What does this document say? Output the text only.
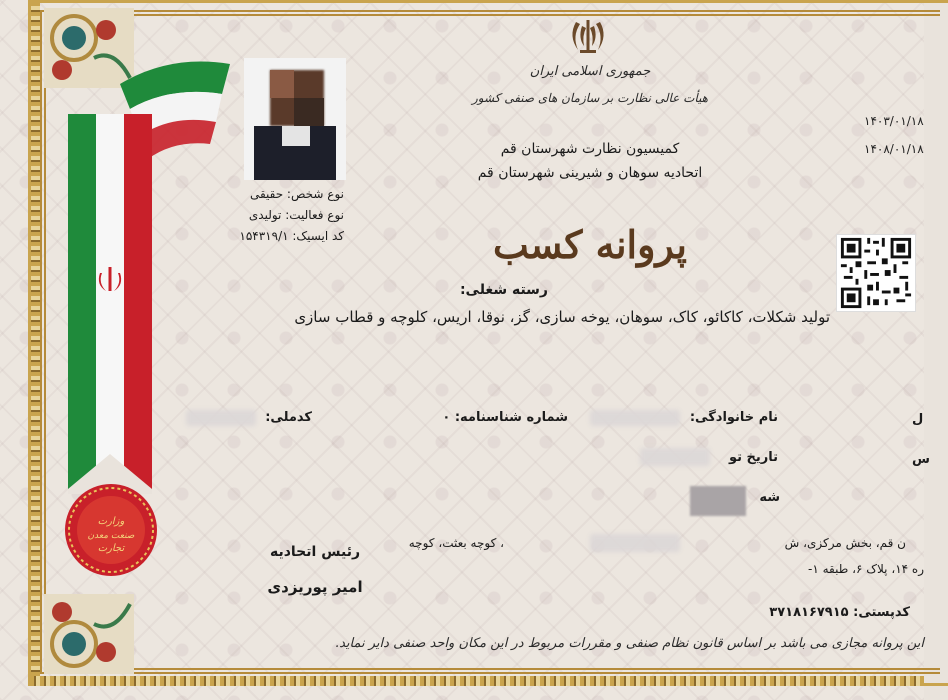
وزارت
صنعت معدن
تجارت
نوع شخص: حقیقی
نوع فعالیت: تولیدی
کد ایسیک: ۱۵۴۳۱۹/۱
جمهوری اسلامی ایران
هیأت عالی نظارت بر سازمان های صنفی کشور
کمیسیون نظارت شهرستان قم
اتحادیه سوهان و شیرینی شهرستان قم
پروانه کسب
۱۴۰۳/۰۱/۱۸
۱۴۰۸/۰۱/۱۸
رسته شغلی:
تولید شکلات، کاکائو، کاک، سوهان، یوخه سازی، گز، نوقا، اریس، کلوچه و قطاب سازی
نام خانوادگی:
شماره شناسنامه: ۰
کدملی:	ل
تاریخ تو	س
شه
ن قم، بخش مرکزی، ش
، کوچه بعثت، کوچه
ره ۱۴، پلاک ۶، طبقه ۱-
رئیس اتحادیه
امیر پوریزدی
کدپستی: ۳۷۱۸۱۶۷۹۱۵
این پروانه مجازی می باشد بر اساس قانون نظام صنفی و مقررات مربوط در این مکان واحد صنفی دایر نماید.
